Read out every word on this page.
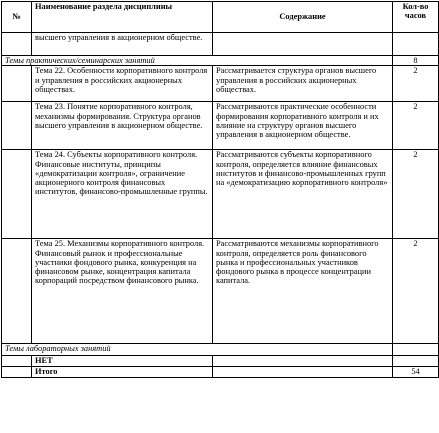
№	Наименование раздела дисциплины	Содержание	Кол-во часов
	высшего управления в акционерном обществе.		
Темы практических/семинарских занятий			8
	Тема 22. Особенности корпоративного контроля и управления в российских акционерных обществах.	Рассматривается структура органов высшего управления в российских акционерных обществах.	2
	Тема 23. Понятие корпоративного контроля, механизмы формирования. Структура органов высшего управления в акционерном обществе.	Рассматриваются практические особенности формирования корпоративного контроля и их влияние на структуру органов высшего управления в акционерном обществе.	2
	Тема 24. Субъекты корпоративного контроля. Финансовые институты, принципы «демократизации контроля», ограничение акционерного контроля финансовых институтов, финансово-промышленные группы.	Рассматриваются субъекты корпоративного контроля, определяется влияние финансовых институтов и финансово-промышленных групп на «демократизацию корпоративного контроля»	2
	Тема 25. Механизмы корпоративного контроля. Финансовый рынок и профессиональные участники фондового рынка, конкуренция на финансовом рынке, концентрация капитала корпораций посредством финансового рынка.	Рассматриваются механизмы корпоративного контроля, определяется роль финансового рынка и профессиональных участников фондового рынка в процессе концентрации капитала.	2
Темы лабораторных занятий			
	НЕТ		
	Итого		54
